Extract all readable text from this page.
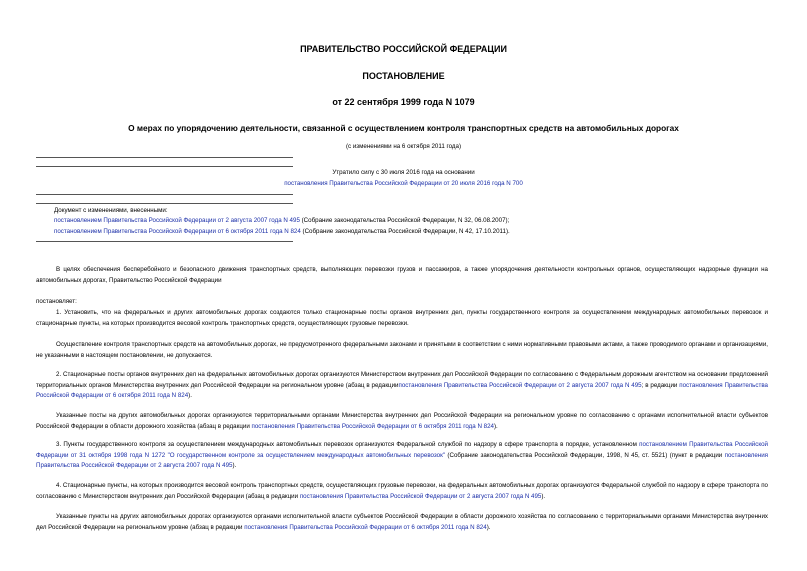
ПРАВИТЕЛЬСТВО РОССИЙСКОЙ ФЕДЕРАЦИИ
ПОСТАНОВЛЕНИЕ
от 22 сентября 1999 года N 1079
О мерах по упорядочению деятельности, связанной с осуществлением контроля транспортных средств на автомобильных дорогах
(с изменениями на 6 октября 2011 года)
Утратило силу с 30 июля 2016 года на основании
постановления Правительства Российской Федерации от 20 июля 2016 года N 700
Документ с изменениями, внесенными:
постановлением Правительства Российской Федерации от 2 августа 2007 года N 495 (Собрание законодательства Российской Федерации, N 32, 06.08.2007);
постановлением Правительства Российской Федерации от 6 октября 2011 года N 824 (Собрание законодательства Российской Федерации, N 42, 17.10.2011).

В целях обеспечения бесперебойного и безопасного движения транспортных средств, выполняющих перевозки грузов и пассажиров, а также упорядочения деятельности контрольных органов, осуществляющих надзорные функции на автомобильных дорогах, Правительство Российской Федерации

постановляет:

1. Установить, что на федеральных и других автомобильных дорогах создаются только стационарные посты органов внутренних дел, пункты государственного контроля за осуществлением международных автомобильных перевозок и стационарные пункты, на которых производится весовой контроль транспортных средств, осуществляющих грузовые перевозки.

Осуществление контроля транспортных средств на автомобильных дорогах, не предусмотренного федеральными законами и принятыми в соответствии с ними нормативными правовыми актами, а также проводимого органами и организациями, не указанными в настоящем постановлении, не допускается.

2. Стационарные посты органов внутренних дел на федеральных автомобильных дорогах организуются Министерством внутренних дел Российской Федерации по согласованию с Федеральным дорожным агентством на основании предложений территориальных органов Министерства внутренних дел Российской Федерации на региональном уровне (абзац в редакциипостановления Правительства Российской Федерации от 2 августа 2007 года N 495; в редакции постановления Правительства Российской Федерации от 6 октября 2011 года N 824).

Указанные посты на других автомобильных дорогах организуются территориальными органами Министерства внутренних дел Российской Федерации на региональном уровне по согласованию с органами исполнительной власти субъектов Российской Федерации в области дорожного хозяйства (абзац в редакции постановления Правительства Российской Федерации от 6 октября 2011 года N 824).

3. Пункты государственного контроля за осуществлением международных автомобильных перевозок организуются Федеральной службой по надзору в сфере транспорта в порядке, установленном постановлением Правительства Российской Федерации от 31 октября 1998 года N 1272 "О государственном контроле за осуществлением международных автомобильных перевозок" (Собрание законодательства Российской Федерации, 1998, N 45, ст. 5521) (пункт в редакции постановления Правительства Российской Федерации от 2 августа 2007 года N 495).

4. Стационарные пункты, на которых производится весовой контроль транспортных средств, осуществляющих грузовые перевозки, на федеральных автомобильных дорогах организуются Федеральной службой по надзору в сфере транспорта по согласованию с Министерством внутренних дел Российской Федерации (абзац в редакции постановления Правительства Российской Федерации от 2 августа 2007 года N 495).

Указанные пункты на других автомобильных дорогах организуются органами исполнительной власти субъектов Российской Федерации в области дорожного хозяйства по согласованию с территориальными органами Министерства внутренних дел Российской Федерации на региональном уровне (абзац в редакции постановления Правительства Российской Федерации от 6 октября 2011 года N 824).
